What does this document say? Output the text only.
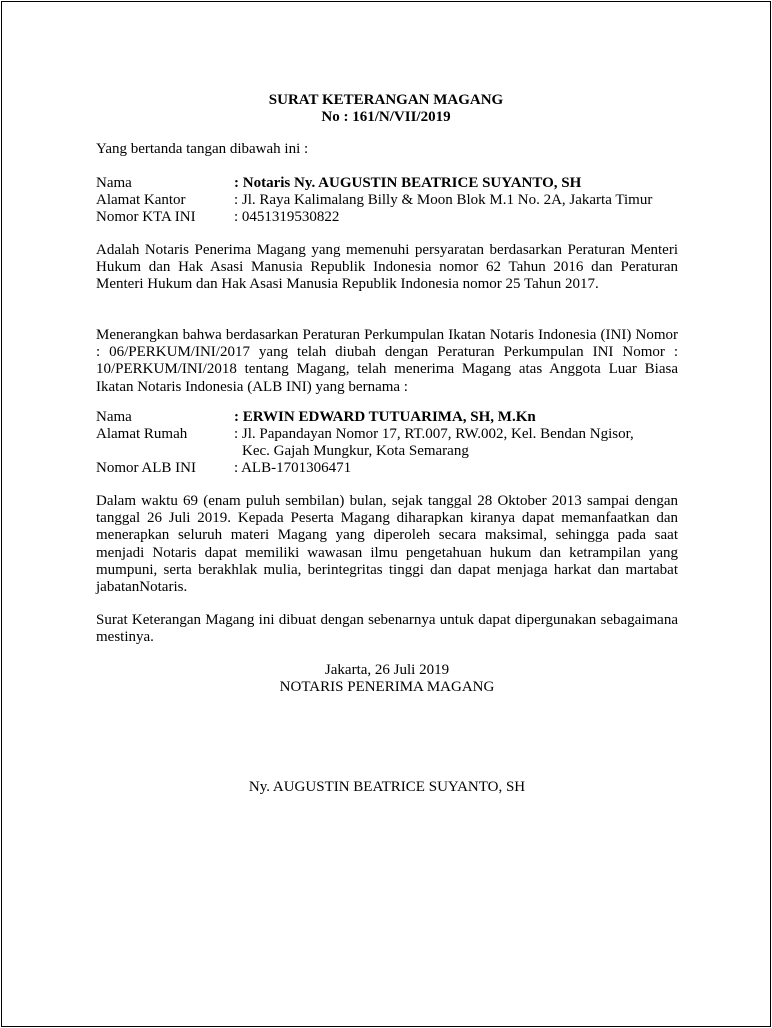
SURAT KETERANGAN MAGANG
No : 161/N/VII/2019
Yang bertanda tangan dibawah ini :
Nama	: Notaris Ny. AUGUSTIN BEATRICE SUYANTO, SH
Alamat Kantor	: Jl. Raya Kalimalang Billy & Moon Blok M.1 No. 2A, Jakarta Timur
Nomor KTA INI	: 0451319530822
Adalah Notaris Penerima Magang yang memenuhi persyaratan berdasarkan Peraturan Menteri Hukum dan Hak Asasi Manusia Republik Indonesia nomor 62 Tahun 2016 dan Peraturan Menteri Hukum dan Hak Asasi Manusia Republik Indonesia nomor 25 Tahun 2017.
Menerangkan bahwa berdasarkan Peraturan Perkumpulan Ikatan Notaris Indonesia (INI) Nomor : 06/PERKUM/INI/2017 yang telah diubah dengan Peraturan Perkumpulan INI Nomor : 10/PERKUM/INI/2018 tentang Magang, telah menerima Magang atas Anggota Luar Biasa Ikatan Notaris Indonesia (ALB INI) yang bernama :
Nama	: ERWIN EDWARD TUTUARIMA, SH, M.Kn
Alamat Rumah	: Jl. Papandayan Nomor 17, RT.007, RW.002, Kel. Bendan Ngisor,
Kec. Gajah Mungkur, Kota Semarang
Nomor ALB INI	: ALB-1701306471
Dalam waktu 69 (enam puluh sembilan) bulan, sejak tanggal 28 Oktober 2013 sampai dengan tanggal 26 Juli 2019. Kepada Peserta Magang diharapkan kiranya dapat memanfaatkan dan menerapkan seluruh materi Magang yang diperoleh secara maksimal, sehingga pada saat menjadi Notaris dapat memiliki wawasan ilmu pengetahuan hukum dan ketrampilan yang mumpuni, serta berakhlak mulia, berintegritas tinggi dan dapat menjaga harkat dan martabat jabatanNotaris.
Surat Keterangan Magang ini dibuat dengan sebenarnya untuk dapat dipergunakan sebagaimana mestinya.
Jakarta, 26 Juli 2019
NOTARIS PENERIMA MAGANG
Ny. AUGUSTIN BEATRICE SUYANTO, SH
